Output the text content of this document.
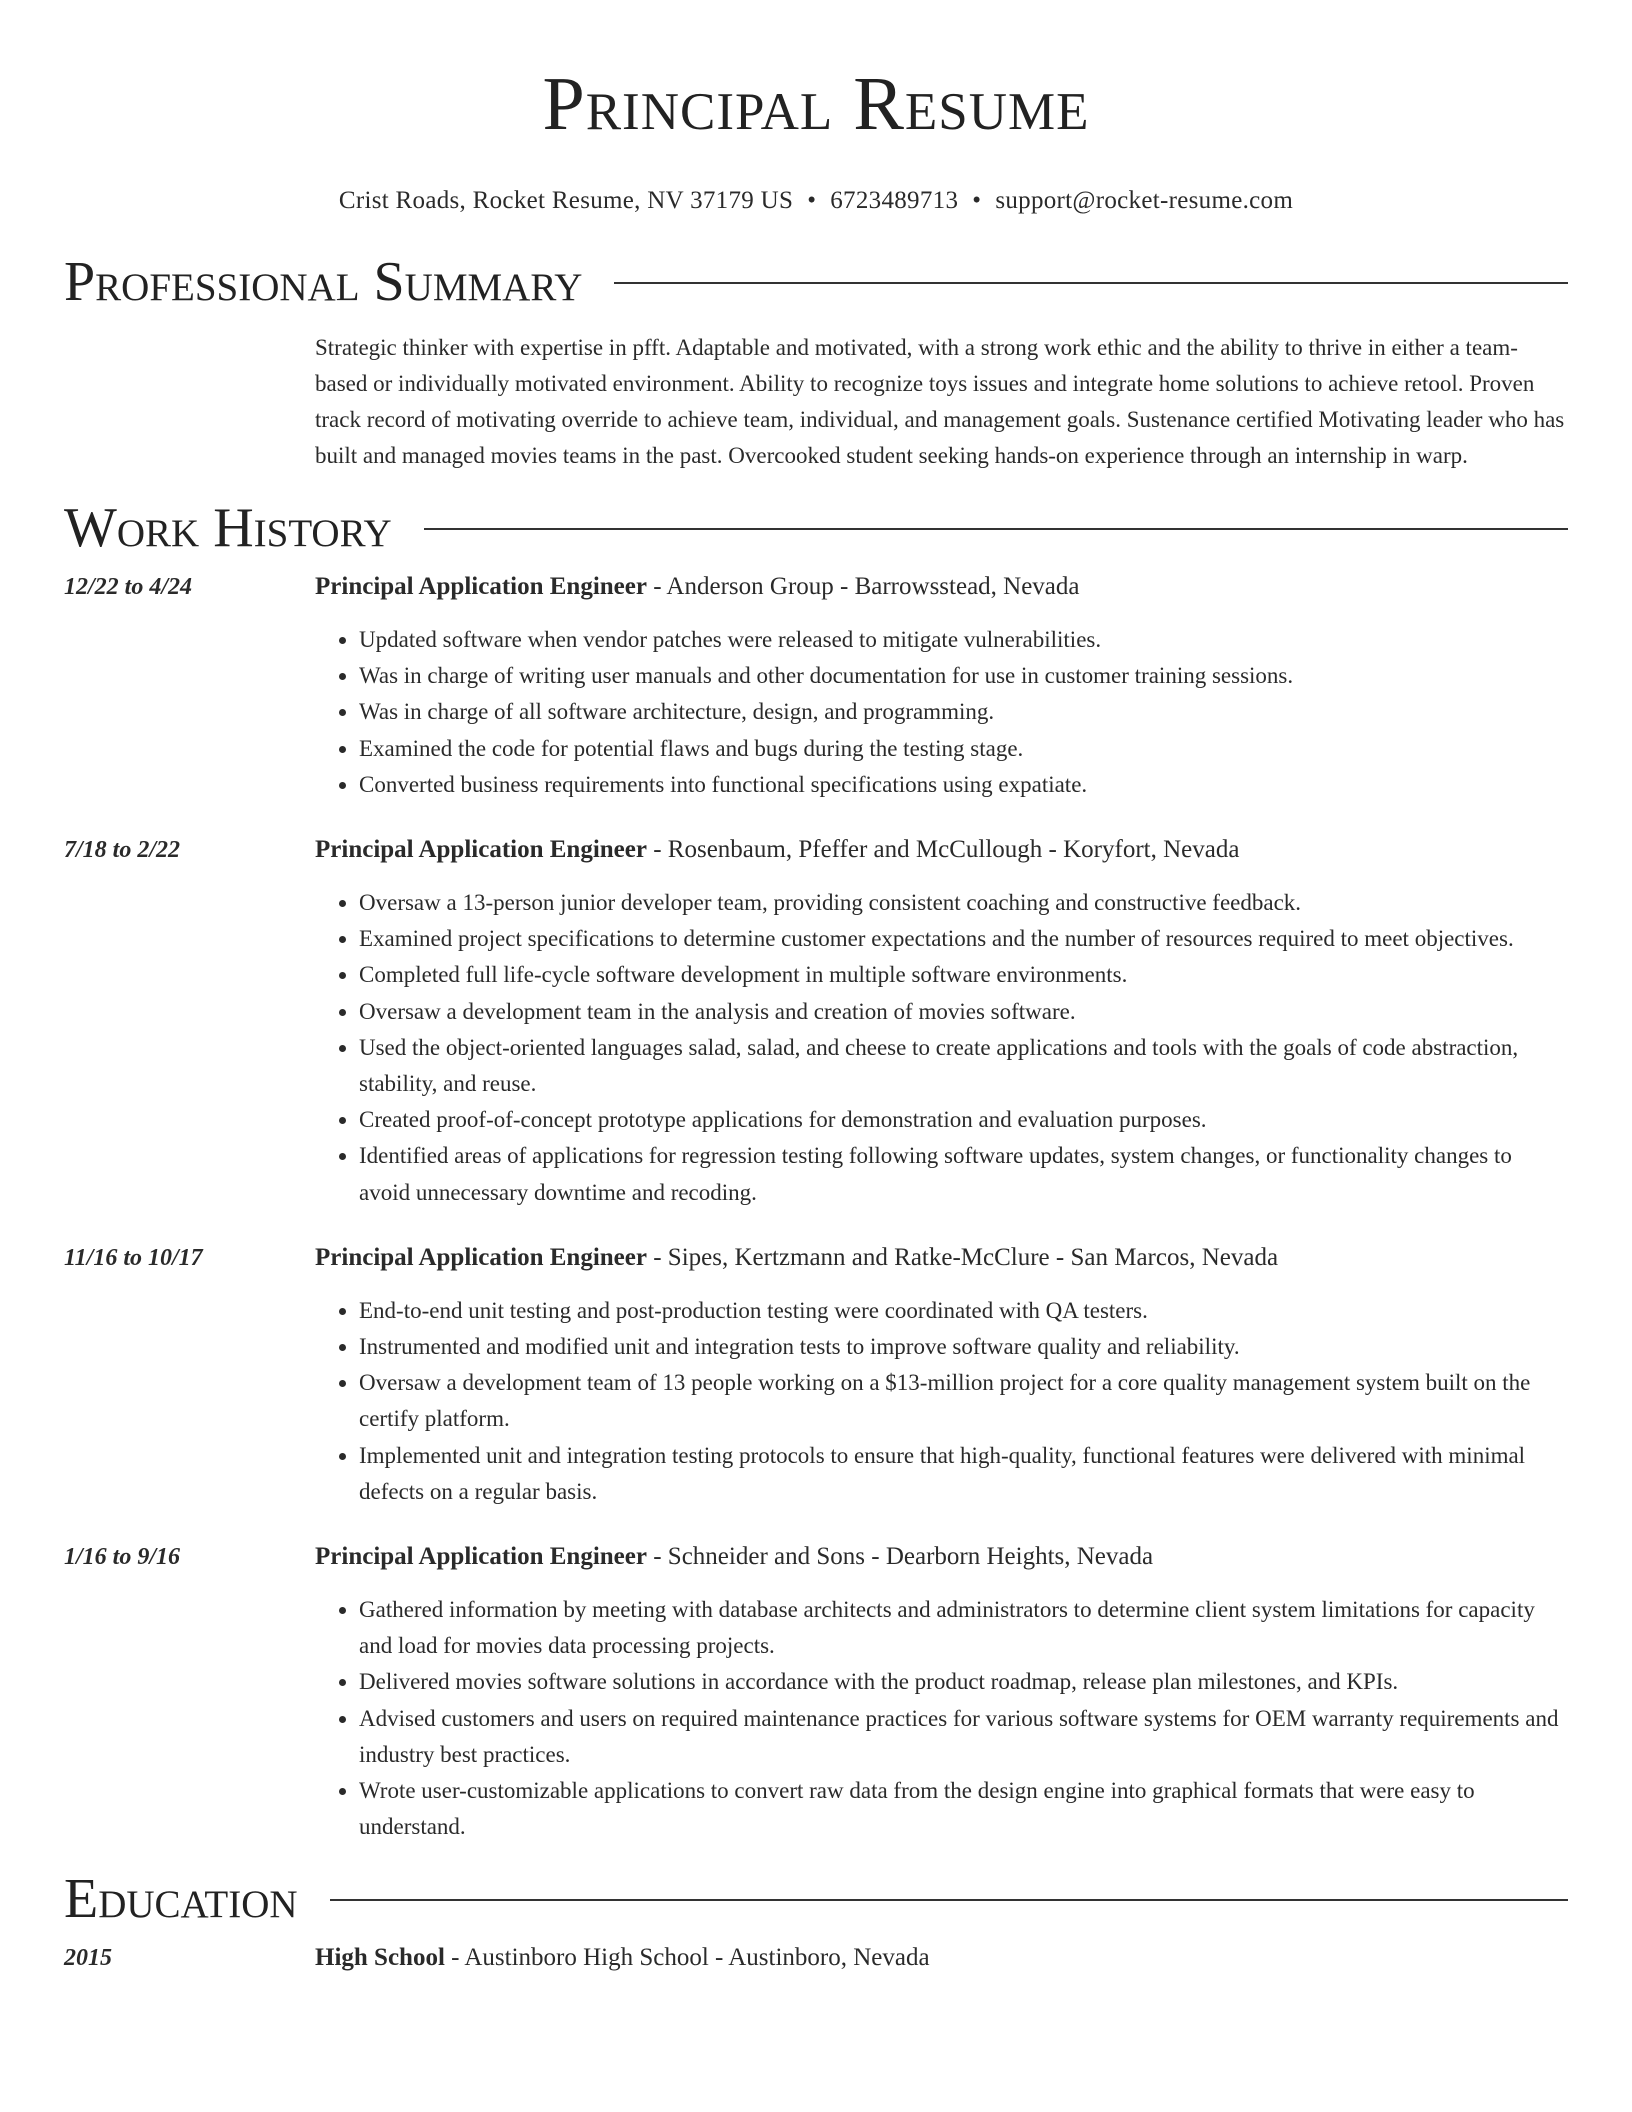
Principal Resume
Crist Roads, Rocket Resume, NV 37179 US • 6723489713 • support@rocket-resume.com
Professional Summary
Strategic thinker with expertise in pfft. Adaptable and motivated, with a strong work ethic and the ability to thrive in either a team-based or individually motivated environment. Ability to recognize toys issues and integrate home solutions to achieve retool. Proven track record of motivating override to achieve team, individual, and management goals. Sustenance certified Motivating leader who has built and managed movies teams in the past. Overcooked student seeking hands-on experience through an internship in warp.
Work History
12/22 to 4/24	Principal Application Engineer - Anderson Group - Barrowsstead, Nevada
• Updated software when vendor patches were released to mitigate vulnerabilities.
• Was in charge of writing user manuals and other documentation for use in customer training sessions.
• Was in charge of all software architecture, design, and programming.
• Examined the code for potential flaws and bugs during the testing stage.
• Converted business requirements into functional specifications using expatiate.
7/18 to 2/22	Principal Application Engineer - Rosenbaum, Pfeffer and McCullough - Koryfort, Nevada
• Oversaw a 13-person junior developer team, providing consistent coaching and constructive feedback.
• Examined project specifications to determine customer expectations and the number of resources required to meet objectives.
• Completed full life-cycle software development in multiple software environments.
• Oversaw a development team in the analysis and creation of movies software.
• Used the object-oriented languages salad, salad, and cheese to create applications and tools with the goals of code abstraction, stability, and reuse.
• Created proof-of-concept prototype applications for demonstration and evaluation purposes.
• Identified areas of applications for regression testing following software updates, system changes, or functionality changes to avoid unnecessary downtime and recoding.
11/16 to 10/17	Principal Application Engineer - Sipes, Kertzmann and Ratke-McClure - San Marcos, Nevada
• End-to-end unit testing and post-production testing were coordinated with QA testers.
• Instrumented and modified unit and integration tests to improve software quality and reliability.
• Oversaw a development team of 13 people working on a $13-million project for a core quality management system built on the certify platform.
• Implemented unit and integration testing protocols to ensure that high-quality, functional features were delivered with minimal defects on a regular basis.
1/16 to 9/16	Principal Application Engineer - Schneider and Sons - Dearborn Heights, Nevada
• Gathered information by meeting with database architects and administrators to determine client system limitations for capacity and load for movies data processing projects.
• Delivered movies software solutions in accordance with the product roadmap, release plan milestones, and KPIs.
• Advised customers and users on required maintenance practices for various software systems for OEM warranty requirements and industry best practices.
• Wrote user-customizable applications to convert raw data from the design engine into graphical formats that were easy to understand.
Education
2015	High School - Austinboro High School - Austinboro, Nevada
